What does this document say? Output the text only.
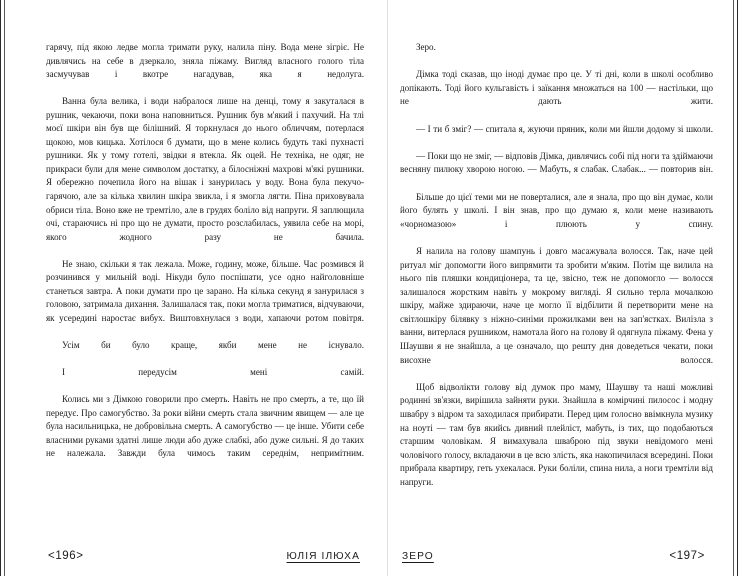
гарячу, під якою ледве могла тримати руку, налила піну. Вода мене зігріє. Не дивлячись на себе в дзеркало, зняла піжаму. Вигляд власного голого тіла засмучував і вкотре нагадував, яка я недолуга.

Ванна була велика, і води набралося лише на денці, тому я закуталася в рушник, чекаючи, поки вона наповниться. Рушник був м'який і пахучий. На тлі моєї шкіри він був ще білішний. Я торкнулася до нього обличчям, потерлася щокою, мов кицька. Хотілося б думати, що в мене колись будуть такі пухнасті рушники. Як у тому готелі, звідки я втекла. Як оцей. Не техніка, не одяг, не прикраси були для мене символом достатку, а білосніжні махрові м'які рушники. Я обережно почепила його на вішак і занурилась у воду. Вона була пекучо-гарячою, але за кілька хвилин шкіра звикла, і я змогла лягти. Піна приховувала обриси тіла. Воно вже не тремтіло, але в грудях боліло від напруги. Я заплющила очі, стараючись ні про що не думати, просто розслабилась, уявила себе на морі, якого жодного разу не бачила.

Не знаю, скільки я так лежала. Може, годину, може, більше. Час розмився й розчинився у мильній воді. Нікуди було поспішати, усе одно найголовніше станеться завтра. А поки думати про це зарано. На кілька секунд я занурилася з головою, затримала дихання. Залишалася так, поки могла триматися, відчуваючи, як усередині наростає вибух. Виштовхнулася з води, хапаючи ротом повітря.

Усім би було краще, якби мене не існувало.

І передусім мені самій.

Колись ми з Дімкою говорили про смерть. Навіть не про смерть, а те, що їй передує. Про самогубство. За роки війни смерть стала звичним явищем — але це була насильницька, не добровільна смерть. А самогубство — це інше. Убити себе власними руками здатні лише люди або дуже слабкі, або дуже сильні. Я до таких не належала. Завжди була чимось таким середнім, непримітним.

<196>	ЮЛІЯ ІЛЮХА

Зеро.

Дімка тоді сказав, що іноді думає про це. У ті дні, коли в школі особливо допікають. Тоді його кульгавість і заїкання множаться на 100 — настільки, що не дають жити.

— І ти б зміг? — спитала я, жуючи пряник, коли ми йшли додому зі школи.

— Поки що не зміг, — відповів Дімка, дивлячись собі під ноги та здіймаючи весняну пилюку хворою ногою. — Мабуть, я слабак. Слабак... — повторив він.

Більше до цієї теми ми не поверталися, але я знала, про що він думає, коли його булять у школі. І він знав, про що думаю я, коли мене називають «чорномазою» і плюють у спину.

Я налила на голову шампунь і довго масажувала волосся. Так, наче цей ритуал міг допомогти його випрямити та зробити м'яким. Потім ще вилила на нього пів пляшки кондиціонера, та це, звісно, теж не допомогло — волосся залишалося жорстким навіть у мокрому вигляді. Я сильно терла мочалкою шкіру, майже здираючи, наче це могло її відбілити й перетворити мене на світлошкіру білявку з ніжно-синіми прожилками вен на зап'ястках. Вилізла з ванни, витерлася рушником, намотала його на голову й одягнула піжаму. Фена у Шаушви я не знайшла, а це означало, що решту дня доведеться чекати, поки висохне волосся.

Щоб відволікти голову від думок про маму, Шаушву та наші можливі родинні зв'язки, вирішила зайняти руки. Знайшла в комірчині пилосос і модну швабру з відром та заходилася прибирати. Перед цим голосно ввімкнула музику на ноуті — там був якийсь дивний плейліст, мабуть, із тих, що подобаються старшим чоловікам. Я вимахувала шваброю під звуки невідомого мені чоловічого голосу, вкладаючи в це всю злість, яка накопичилася всередині. Поки прибрала квартиру, геть ухекалася. Руки боліли, спина нила, а ноги тремтіли від напруги.

ЗЕРО	<197>
